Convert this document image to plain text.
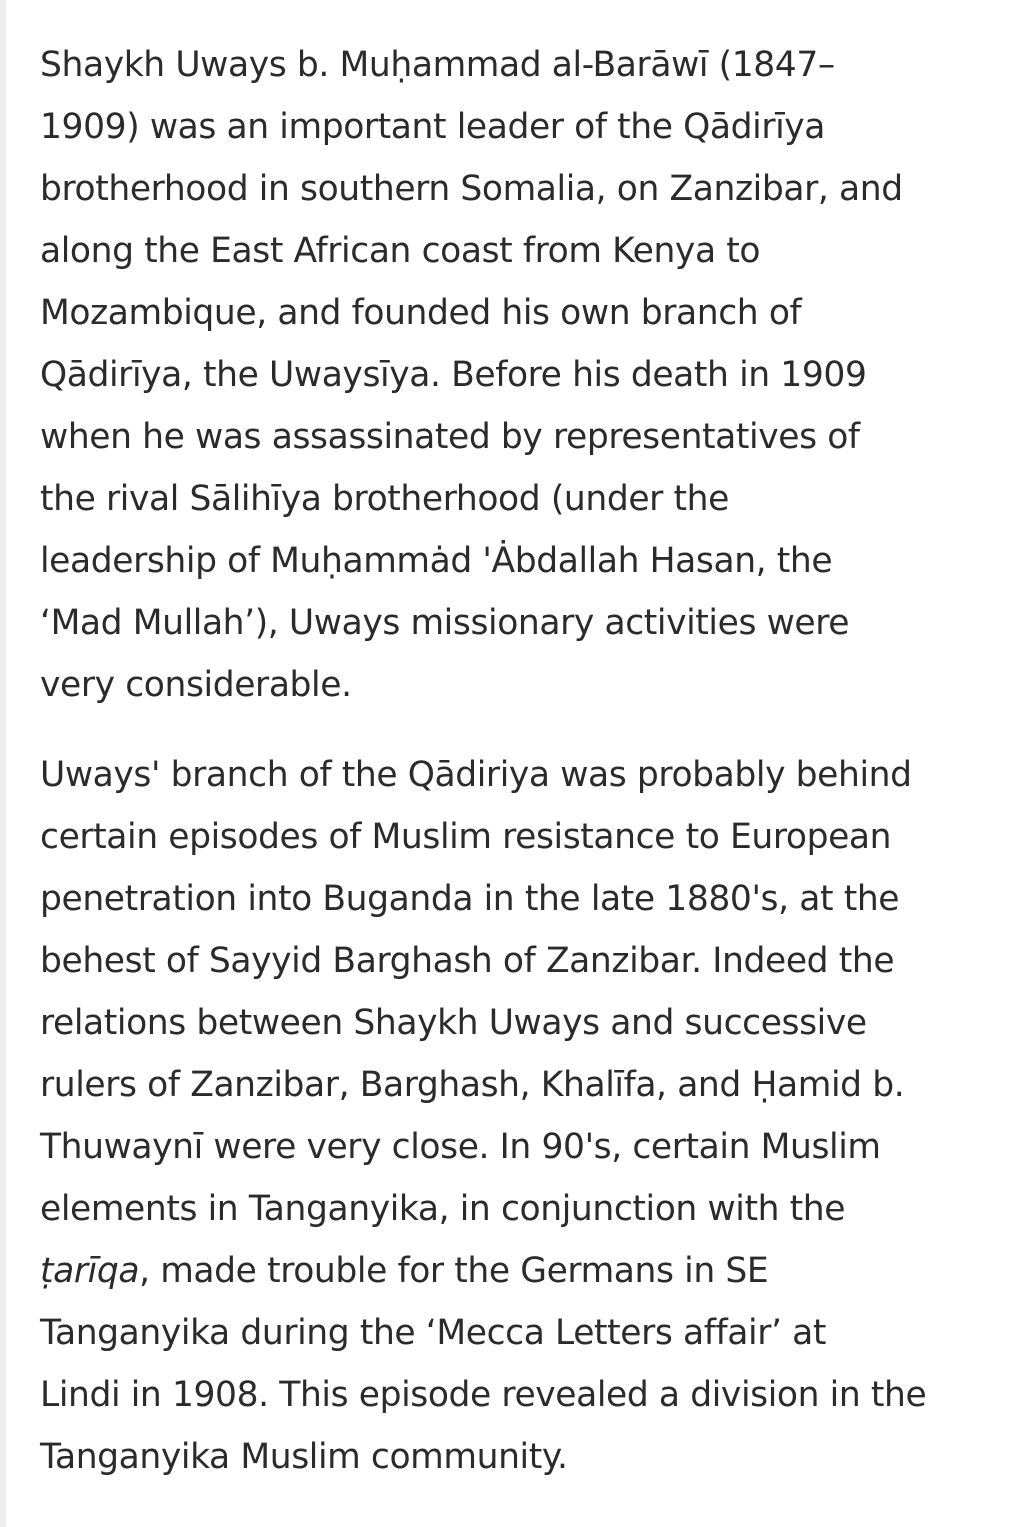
Shaykh Uways b. Muḥammad al-Barāwī (1847–
1909) was an important leader of the Qādirīya
brotherhood in southern Somalia, on Zanzibar, and
along the East African coast from Kenya to
Mozambique, and founded his own branch of
Qādirīya, the Uwaysīya. Before his death in 1909
when he was assassinated by representatives of
the rival Sālihīya brotherhood (under the
leadership of Muḥammȧd 'Ȧbdallah Hasan, the
‘Mad Mullah’), Uways missionary activities were
very considerable.

Uways' branch of the Qādiriya was probably behind
certain episodes of Muslim resistance to European
penetration into Buganda in the late 1880's, at the
behest of Sayyid Barghash of Zanzibar. Indeed the
relations between Shaykh Uways and successive
rulers of Zanzibar, Barghash, Khalīfa, and Ḥamid b.
Thuwaynī were very close. In 90's, certain Muslim
elements in Tanganyika, in conjunction with the
ṭarīqa, made trouble for the Germans in SE
Tanganyika during the ‘Mecca Letters affair’ at
Lindi in 1908. This episode revealed a division in the
Tanganyika Muslim community.
